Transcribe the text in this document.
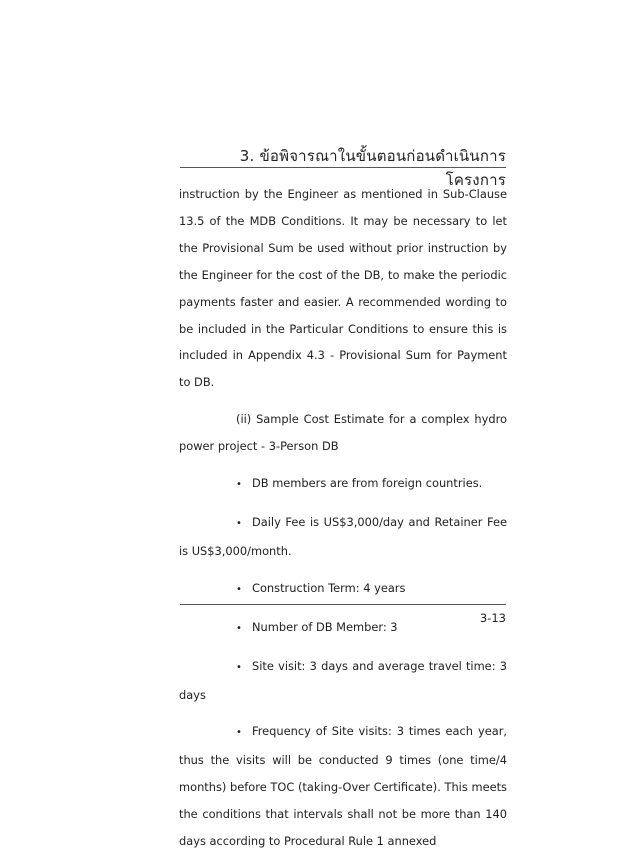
3. ข้อพิจารณาในขั้นตอนก่อนดำเนินการโครงการ

instruction by the Engineer as mentioned in Sub-Clause 13.5 of the MDB Conditions. It may be necessary to let the Provisional Sum be used without prior instruction by the Engineer for the cost of the DB, to make the periodic payments faster and easier. A recommended wording to be included in the Particular Conditions to ensure this is included in Appendix 4.3 - Provisional Sum for Payment to DB.

(ii) Sample Cost Estimate for a complex hydro power project - 3-Person DB

• DB members are from foreign countries.

• Daily Fee is US$3,000/day and Retainer Fee is US$3,000/month.

• Construction Term: 4 years

• Number of DB Member: 3

• Site visit: 3 days and average travel time: 3 days

• Frequency of Site visits: 3 times each year, thus the visits will be conducted 9 times (one time/4 months) before TOC (taking-Over Certificate). This meets the conditions that intervals shall not be more than 140 days according to Procedural Rule 1 annexed

3-13
